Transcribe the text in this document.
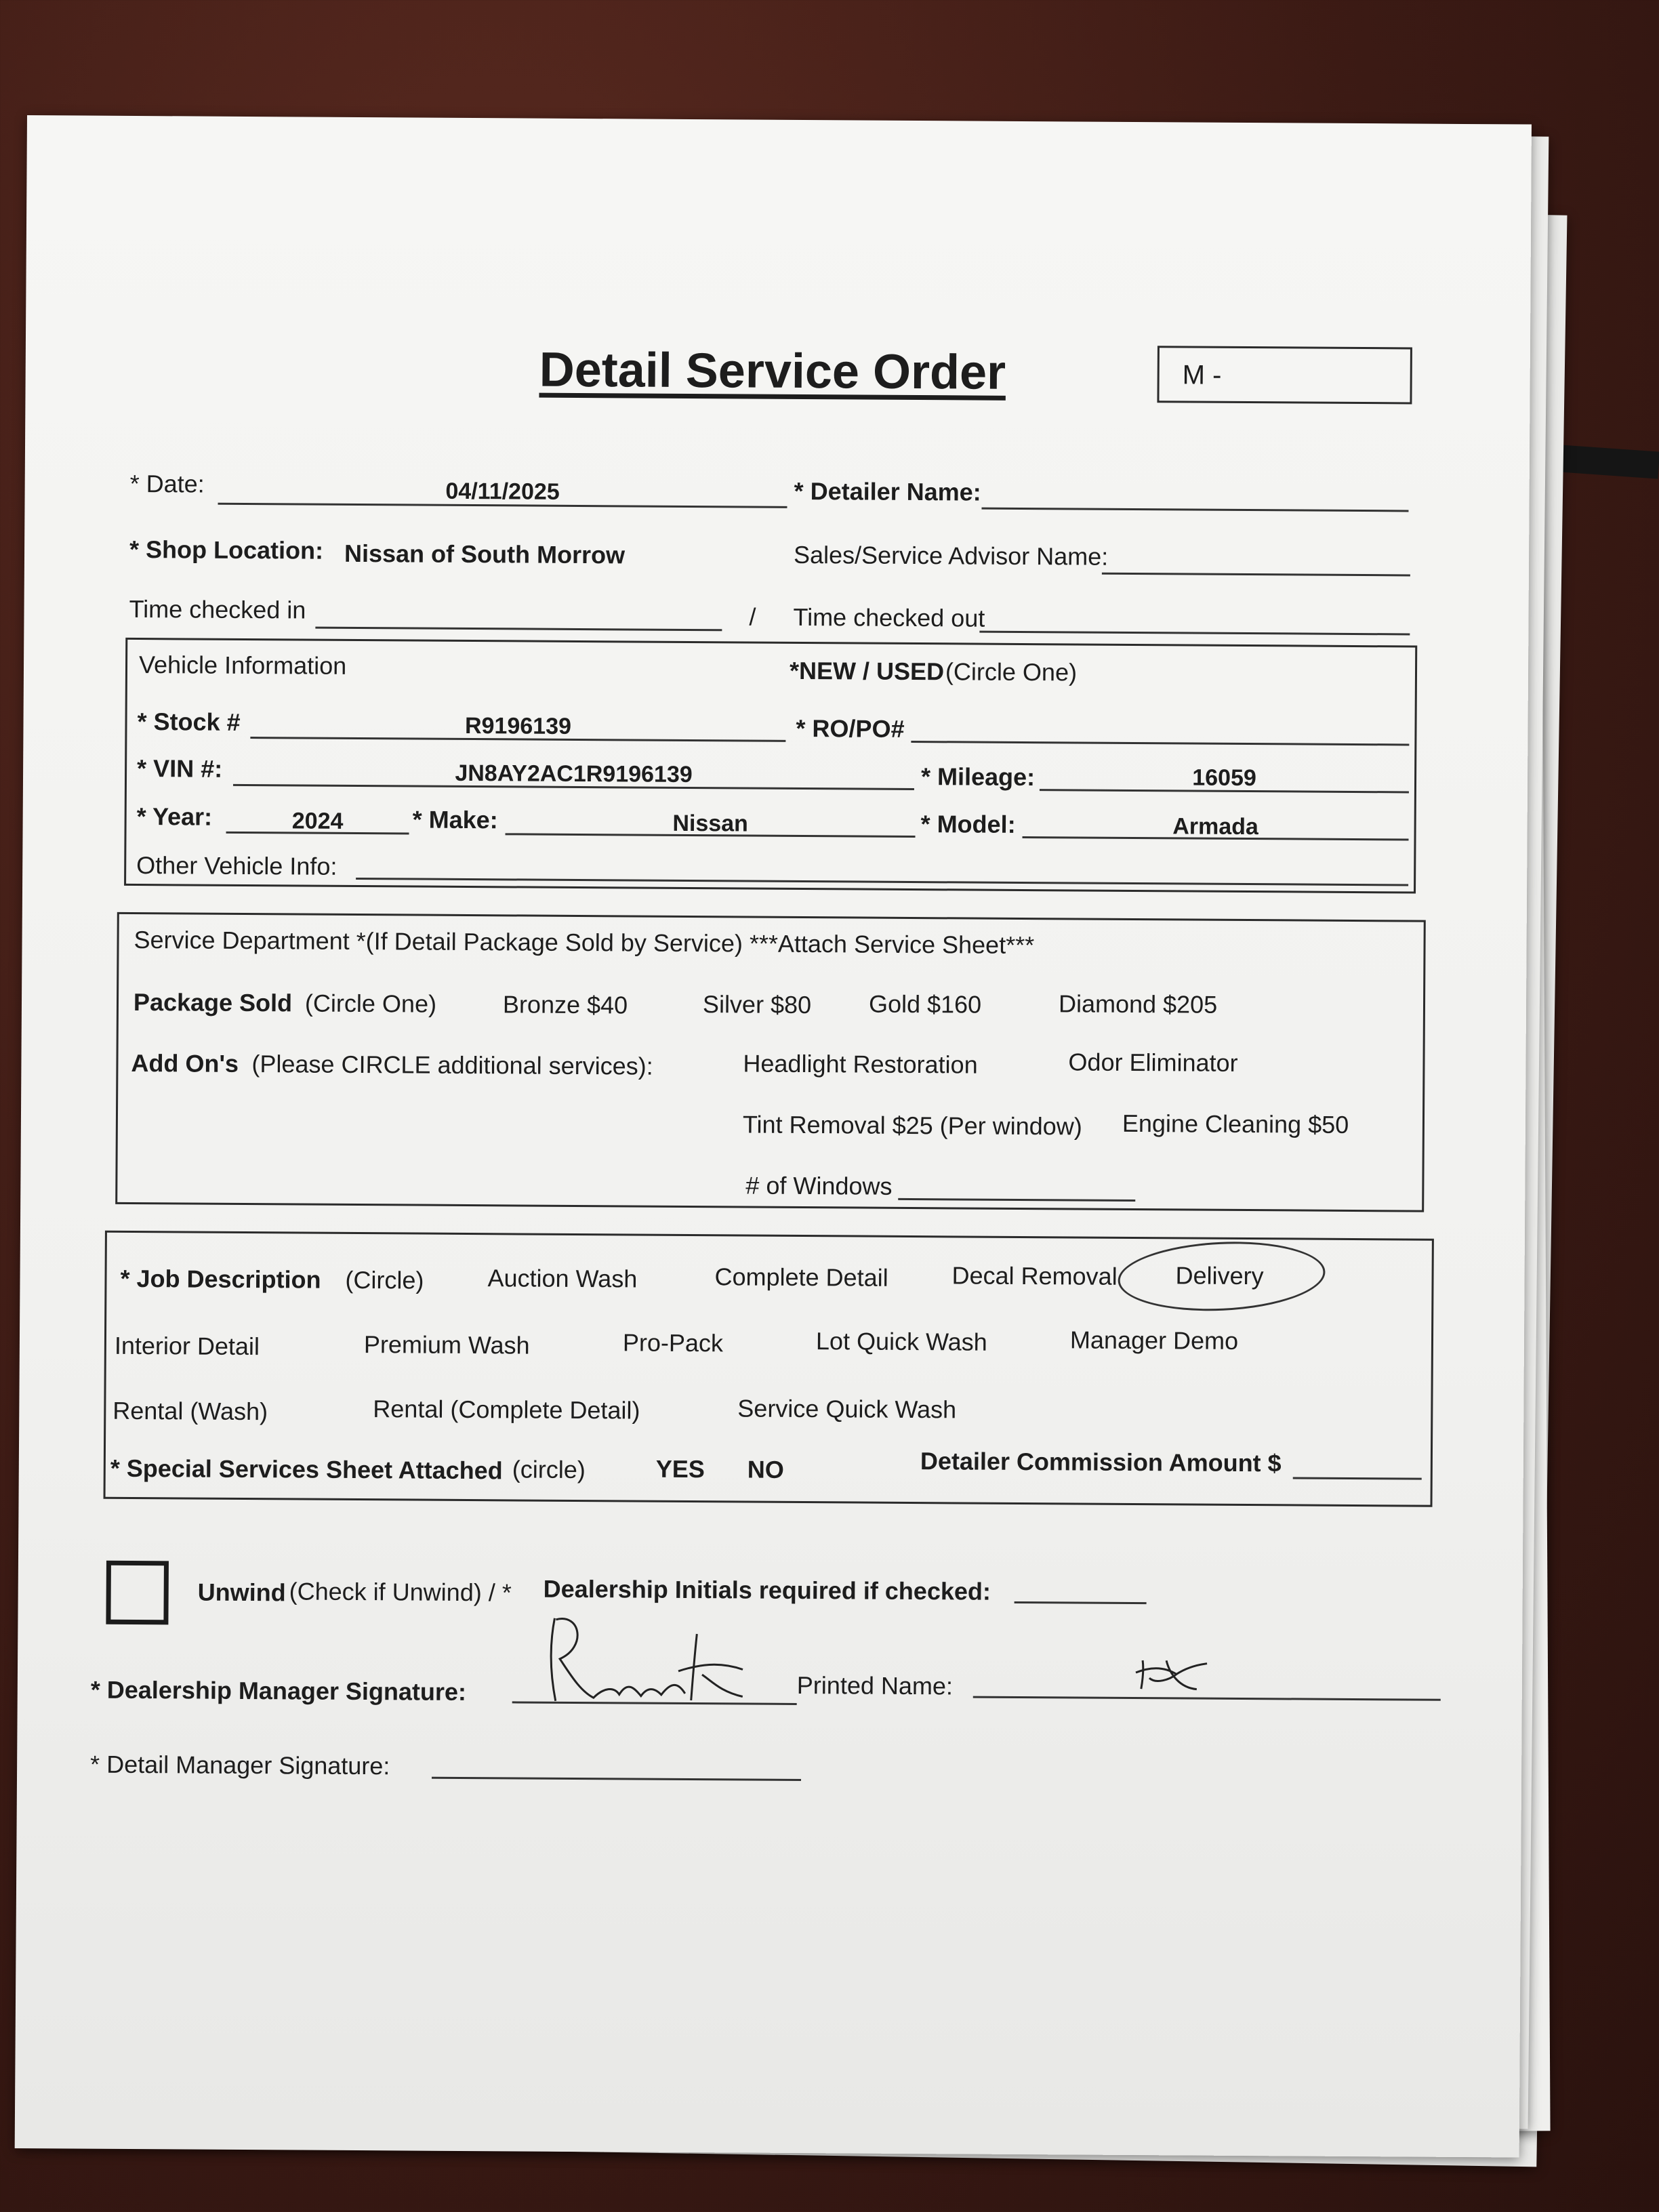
Detail Service Order	M -
* Date:	04/11/2025	* Detailer Name:
* Shop Location: Nissan of South Morrow	Sales/Service Advisor Name:
Time checked in	/ Time checked out
Vehicle Information	*NEW / USED (Circle One)
* Stock #	R9196139	* RO/PO#
* VIN #:	JN8AY2AC1R9196139	* Mileage:	16059
* Year:	2024	* Make:	Nissan	* Model:	Armada
Other Vehicle Info:
Service Department *(If Detail Package Sold by Service) ***Attach Service Sheet***
Package Sold (Circle One)	Bronze $40	Silver $80 Gold $160	Diamond $205
Add On's (Please CIRCLE additional services):	Headlight Restoration	Odor Eliminator
Tint Removal $25 (Per window) Engine Cleaning $50
# of Windows
* Job Description (Circle)	Auction Wash	Complete Detail	Decal Removal Delivery
Interior Detail	Premium Wash	Pro-Pack	Lot Quick Wash	Manager Demo
Rental (Wash)	Rental (Complete Detail)	Service Quick Wash
* Special Services Sheet Attached (circle)	YES NO	Detailer Commission Amount $
Unwind (Check if Unwind) / * Dealership Initials required if checked:
* Dealership Manager Signature:	Printed Name:
* Detail Manager Signature:
